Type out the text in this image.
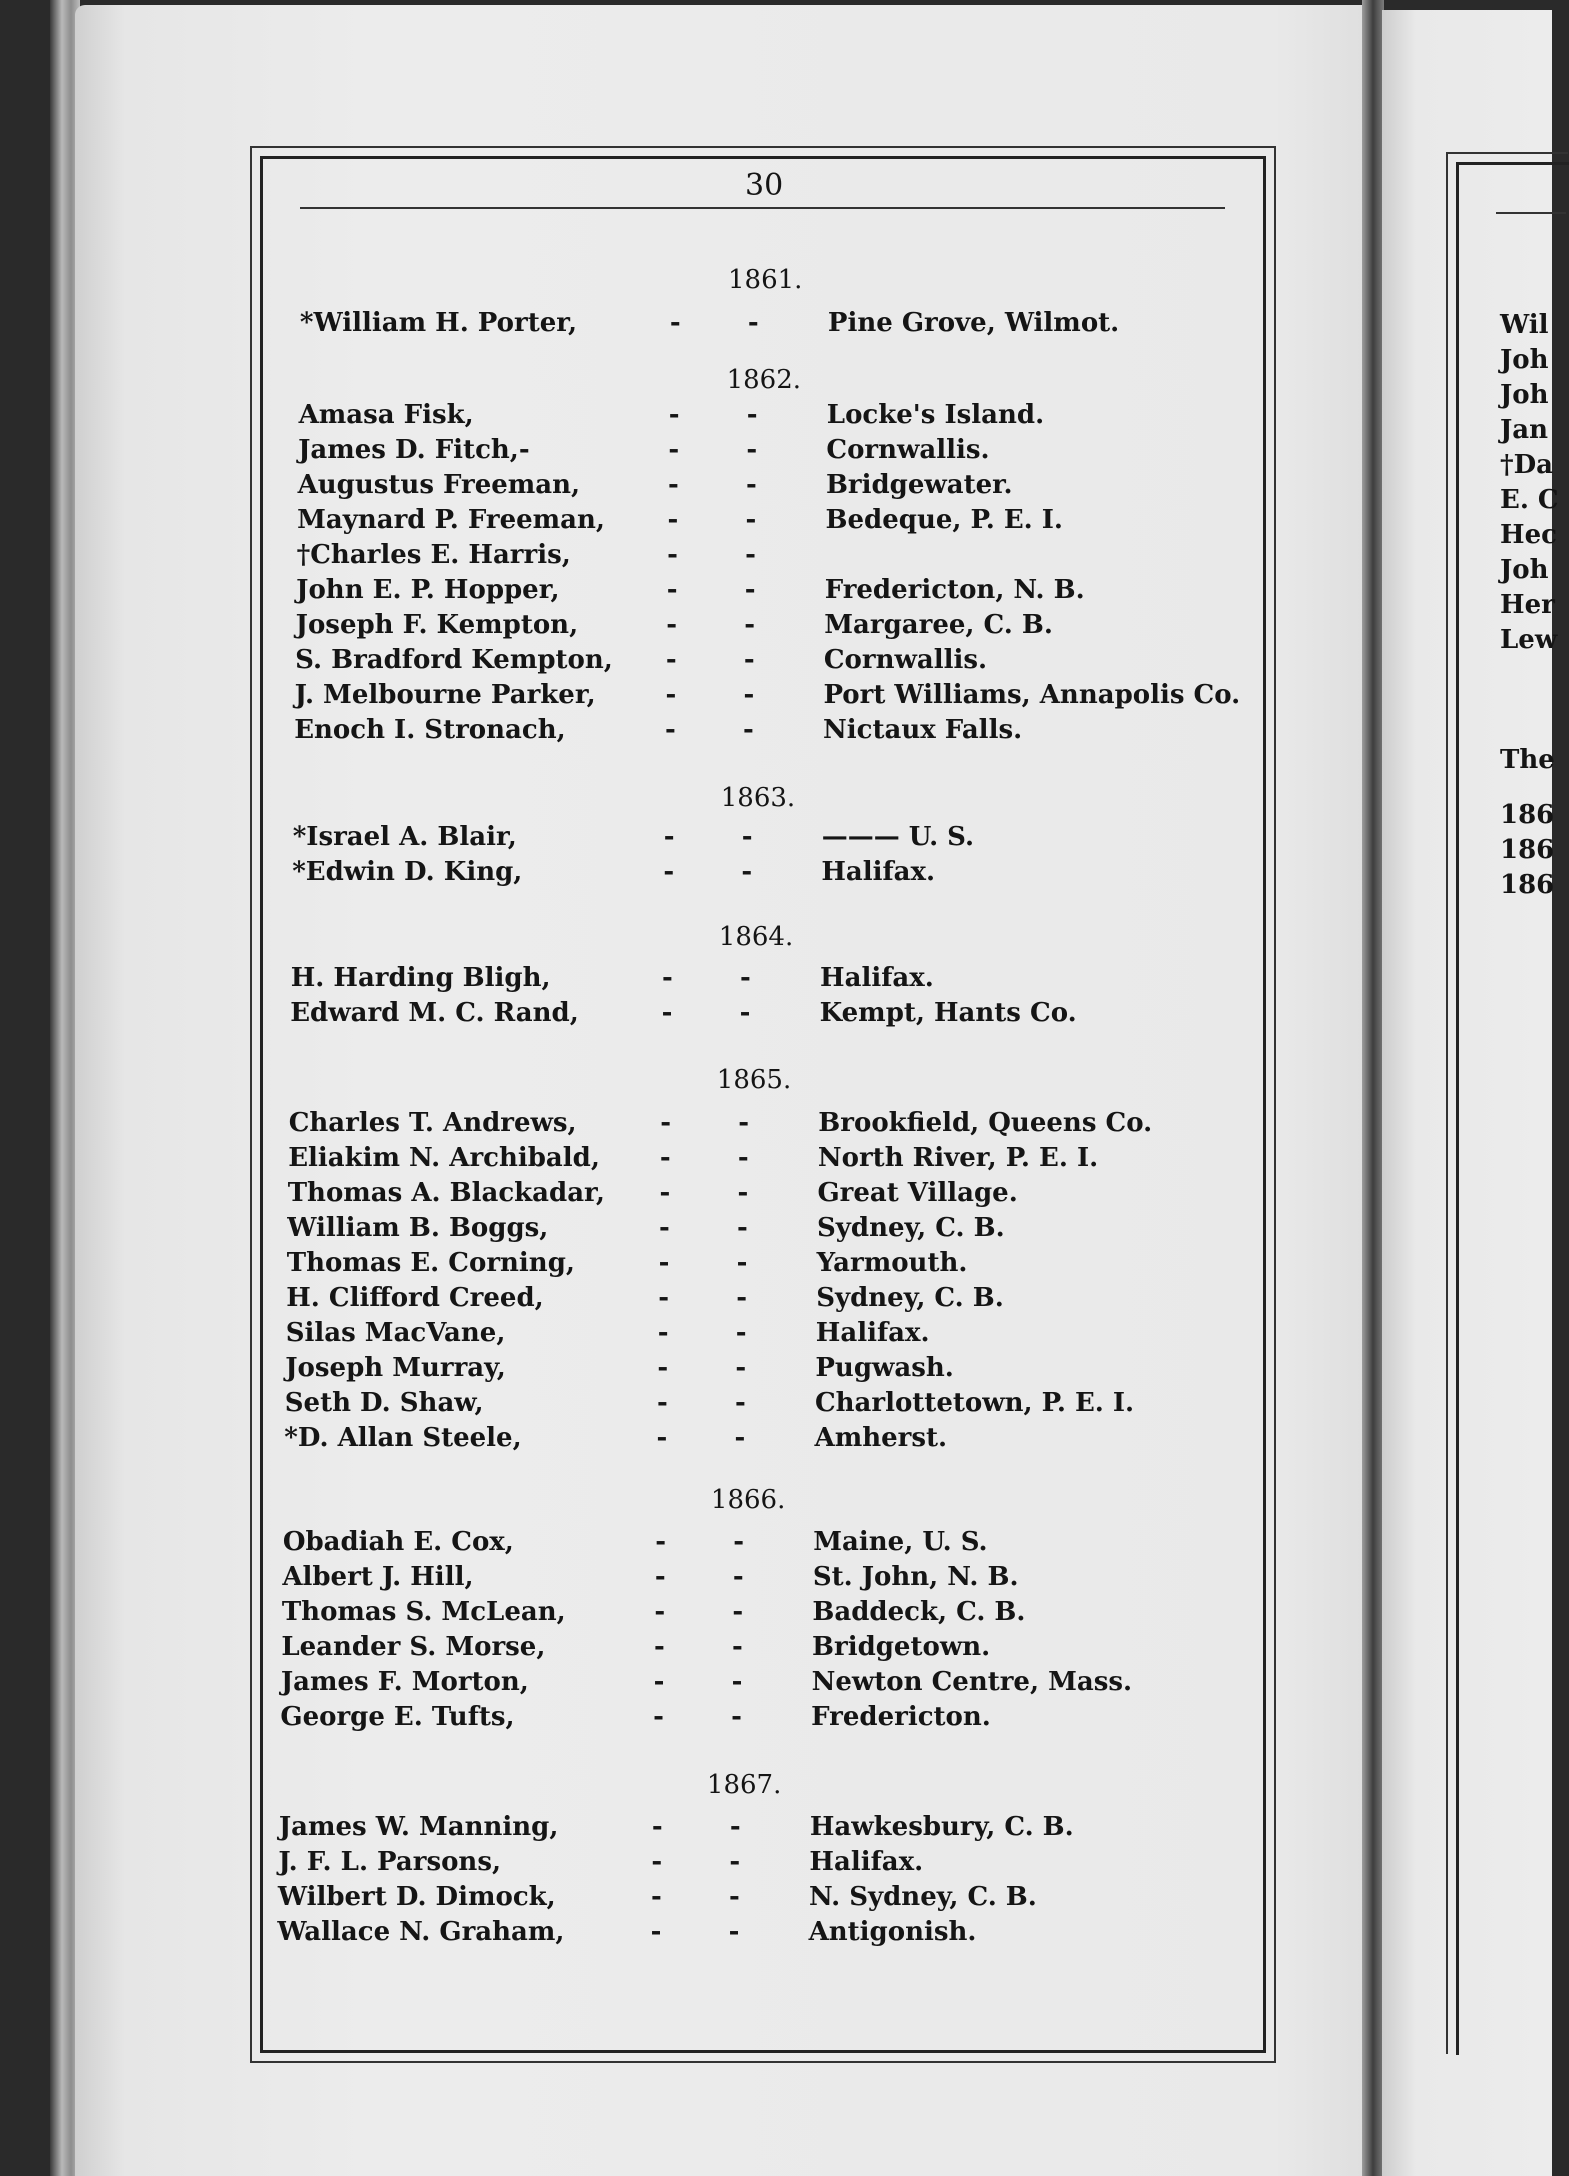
30
1861.
*William H. Porter,	-	-	Pine Grove, Wilmot.
1862.
Amasa Fisk,	-	-	Locke's Island.
James D. Fitch,-	-	-	Cornwallis.
Augustus Freeman,	-	-	Bridgewater.
Maynard P. Freeman, -	-	Bedeque, P. E. I.
†Charles E. Harris,	-	-
John E. P. Hopper,	-	-	Fredericton, N. B.
Joseph F. Kempton,	-	-	Margaree, C. B.
S. Bradford Kempton, -	-	Cornwallis.
J. Melbourne Parker,	-	-	Port Williams, Annapolis Co.
Enoch I. Stronach,	-	-	Nictaux Falls.
1863.
*Israel A. Blair,	-	-	——— U. S.
*Edwin D. King,	-	-	Halifax.
1864.
H. Harding Bligh,	-	-	Halifax.
Edward M. C. Rand,	-	-	Kempt, Hants Co.
1865.
Charles T. Andrews,	-	-	Brookfield, Queens Co.
Eliakim N. Archibald, -	-	North River, P. E. I.
Thomas A. Blackadar, -	-	Great Village.
William B. Boggs,	-	-	Sydney, C. B.
Thomas E. Corning,	-	-	Yarmouth.
H. Clifford Creed,	-	-	Sydney, C. B.
Silas MacVane,	-	-	Halifax.
Joseph Murray,	-	-	Pugwash.
Seth D. Shaw,	-	-	Charlottetown, P. E. I.
*D. Allan Steele,	-	-	Amherst.
1866.
Obadiah E. Cox,	-	-	Maine, U. S.
Albert J. Hill,	-	-	St. John, N. B.
Thomas S. McLean,	-	-	Baddeck, C. B.
Leander S. Morse,	-	-	Bridgetown.
James F. Morton,	-	-	Newton Centre, Mass.
George E. Tufts,	-	-	Fredericton.
1867.
James W. Manning,	-	-	Hawkesbury, C. B.
J. F. L. Parsons,	-	-	Halifax.
Wilbert D. Dimock,	-	-	N. Sydney, C. B.
Wallace N. Graham,	-	-	Antigonish.
Wil
Joh
Joh
Jan
†Da
E. C
Hec
Joh
Her
Lew
The
186
186
186
